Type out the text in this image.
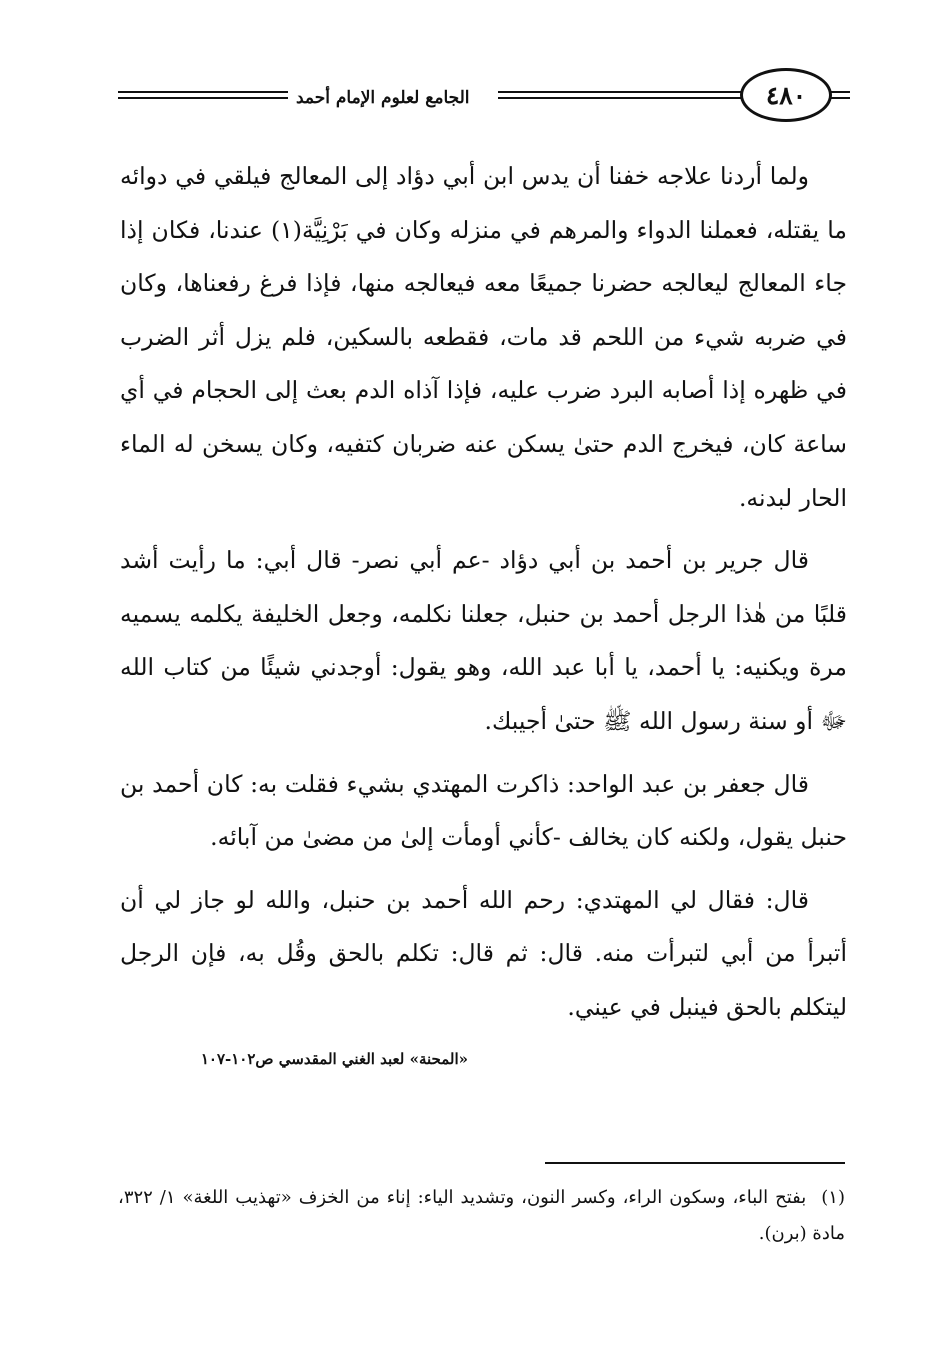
الجامع لعلوم الإمام أحمد	٤٨٠

ولما أردنا علاجه خفنا أن يدس ابن أبي دؤاد إلى المعالج فيلقي في دوائه ما يقتله، فعملنا الدواء والمرهم في منزله وكان في بَرْنِيَّة(١) عندنا، فكان إذا جاء المعالج ليعالجه حضرنا جميعًا معه فيعالجه منها، فإذا فرغ رفعناها، وكان في ضربه شيء من اللحم قد مات، فقطعه بالسكين، فلم يزل أثر الضرب في ظهره إذا أصابه البرد ضرب عليه، فإذا آذاه الدم بعث إلى الحجام في أي ساعة كان، فيخرج الدم حتىٰ يسكن عنه ضربان كتفيه، وكان يسخن له الماء الحار لبدنه.

قال جرير بن أحمد بن أبي دؤاد -عم أبي نصر- قال أبي: ما رأيت أشد قلبًا من هٰذا الرجل أحمد بن حنبل، جعلنا نكلمه، وجعل الخليفة يكلمه يسميه مرة ويكنيه: يا أحمد، يا أبا عبد الله، وهو يقول: أوجدني شيئًا من كتاب الله ﷻ أو سنة رسول الله ﷺ حتىٰ أجيبك.

قال جعفر بن عبد الواحد: ذاكرت المهتدي بشيء فقلت به: كان أحمد بن حنبل يقول، ولكنه كان يخالف -كأني أومأت إلىٰ من مضىٰ من آبائه.

قال: فقال لي المهتدي: رحم الله أحمد بن حنبل، والله لو جاز لي أن أتبرأ من أبي لتبرأت منه. قال: ثم قال: تكلم بالحق وقُل به، فإن الرجل ليتكلم بالحق فينبل في عيني.

«المحنة» لعبد الغني المقدسي ص١٠٢-١٠٧
(١) بفتح الباء، وسكون الراء، وكسر النون، وتشديد الياء: إناء من الخزف «تهذيب اللغة» ١/ ٣٢٢، مادة (برن).
